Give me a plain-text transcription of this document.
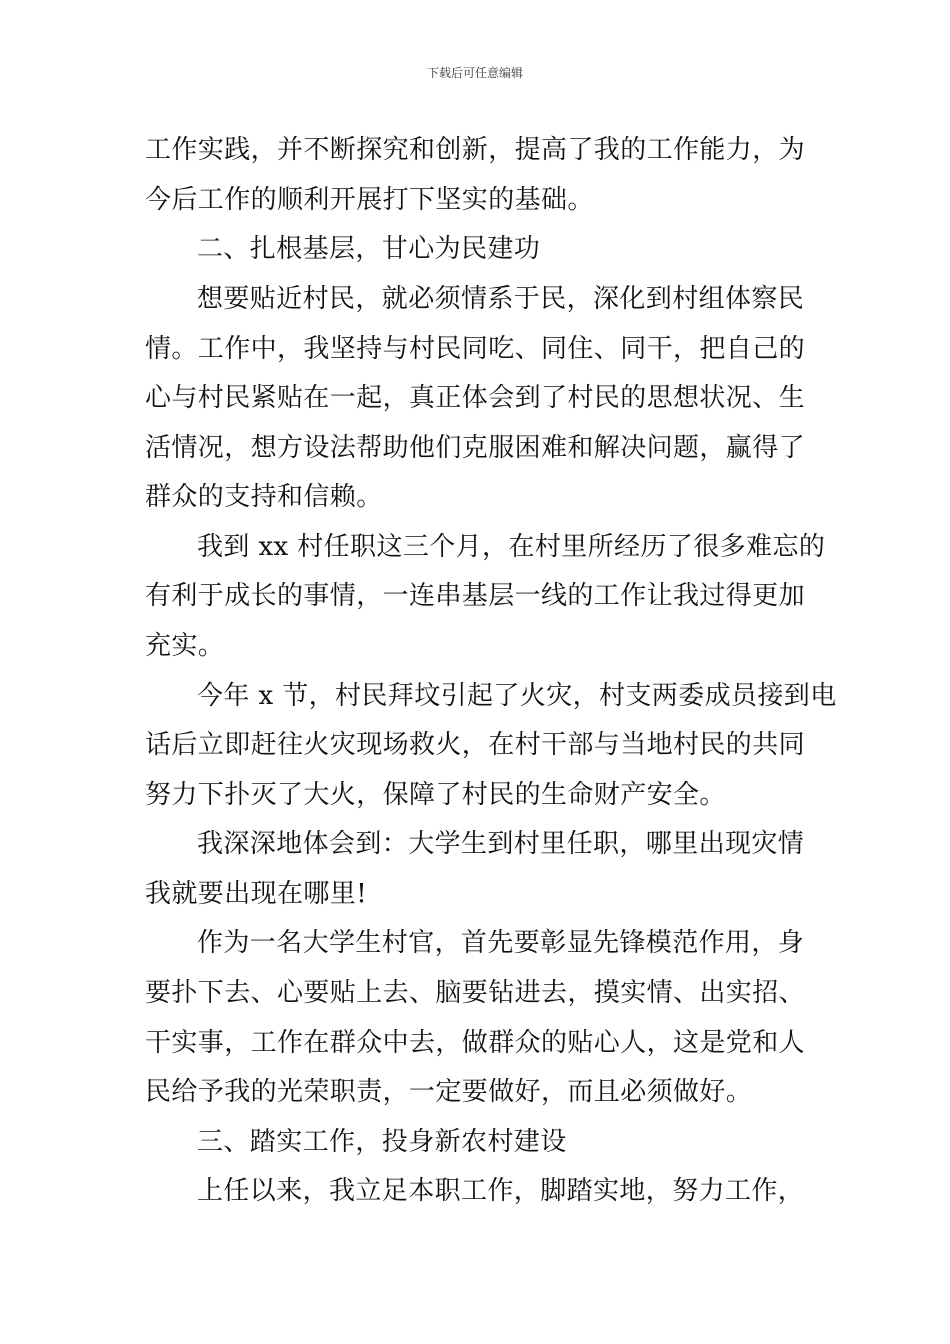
下载后可任意编辑
工作实践，并不断探究和创新，提高了我的工作能力，为
今后工作的顺利开展打下坚实的基础。
二、扎根基层，甘心为民建功
想要贴近村民，就必须情系于民，深化到村组体察民
情。工作中，我坚持与村民同吃、同住、同干，把自己的
心与村民紧贴在一起，真正体会到了村民的思想状况、生
活情况，想方设法帮助他们克服困难和解决问题，赢得了
群众的支持和信赖。
我到 xx 村任职这三个月，在村里所经历了很多难忘的
有利于成长的事情，一连串基层一线的工作让我过得更加
充实。
今年 x 节，村民拜坟引起了火灾，村支两委成员接到电
话后立即赶往火灾现场救火，在村干部与当地村民的共同
努力下扑灭了大火，保障了村民的生命财产安全。
我深深地体会到：大学生到村里任职，哪里出现灾情
我就要出现在哪里!
作为一名大学生村官，首先要彰显先锋模范作用，身
要扑下去、心要贴上去、脑要钻进去，摸实情、出实招、
干实事，工作在群众中去，做群众的贴心人，这是党和人
民给予我的光荣职责，一定要做好，而且必须做好。
三、踏实工作，投身新农村建设
上任以来，我立足本职工作，脚踏实地，努力工作，
